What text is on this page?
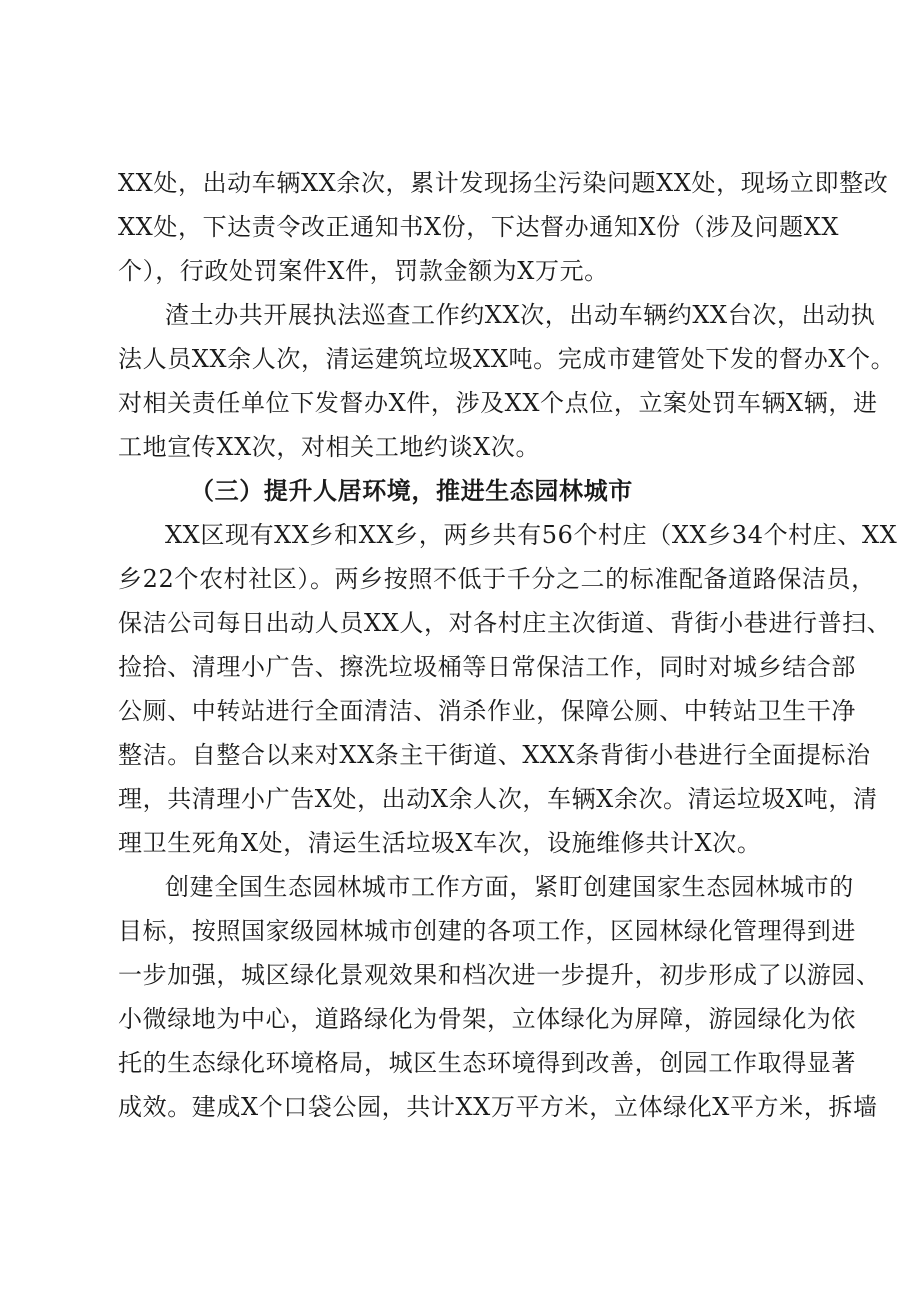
XX处，出动车辆XX余次，累计发现扬尘污染问题XX处，现场立即整改
XX处，下达责令改正通知书X份，下达督办通知X份（涉及问题XX
个），行政处罚案件X件，罚款金额为X万元。
渣土办共开展执法巡查工作约XX次，出动车辆约XX台次，出动执
法人员XX余人次，清运建筑垃圾XX吨。完成市建管处下发的督办X个。
对相关责任单位下发督办X件，涉及XX个点位，立案处罚车辆X辆，进
工地宣传XX次，对相关工地约谈X次。
（三）提升人居环境，推进生态园林城市
XX区现有XX乡和XX乡，两乡共有56个村庄（XX乡34个村庄、XX
乡22个农村社区）。两乡按照不低于千分之二的标准配备道路保洁员，
保洁公司每日出动人员XX人，对各村庄主次街道、背街小巷进行普扫、
捡拾、清理小广告、擦洗垃圾桶等日常保洁工作，同时对城乡结合部
公厕、中转站进行全面清洁、消杀作业，保障公厕、中转站卫生干净
整洁。自整合以来对XX条主干街道、XXX条背街小巷进行全面提标治
理，共清理小广告X处，出动X余人次，车辆X余次。清运垃圾X吨，清
理卫生死角X处，清运生活垃圾X车次，设施维修共计X次。
创建全国生态园林城市工作方面，紧盯创建国家生态园林城市的
目标，按照国家级园林城市创建的各项工作，区园林绿化管理得到进
一步加强，城区绿化景观效果和档次进一步提升，初步形成了以游园、
小微绿地为中心，道路绿化为骨架，立体绿化为屏障，游园绿化为依
托的生态绿化环境格局，城区生态环境得到改善，创园工作取得显著
成效。建成X个口袋公园，共计XX万平方米，立体绿化X平方米，拆墙
